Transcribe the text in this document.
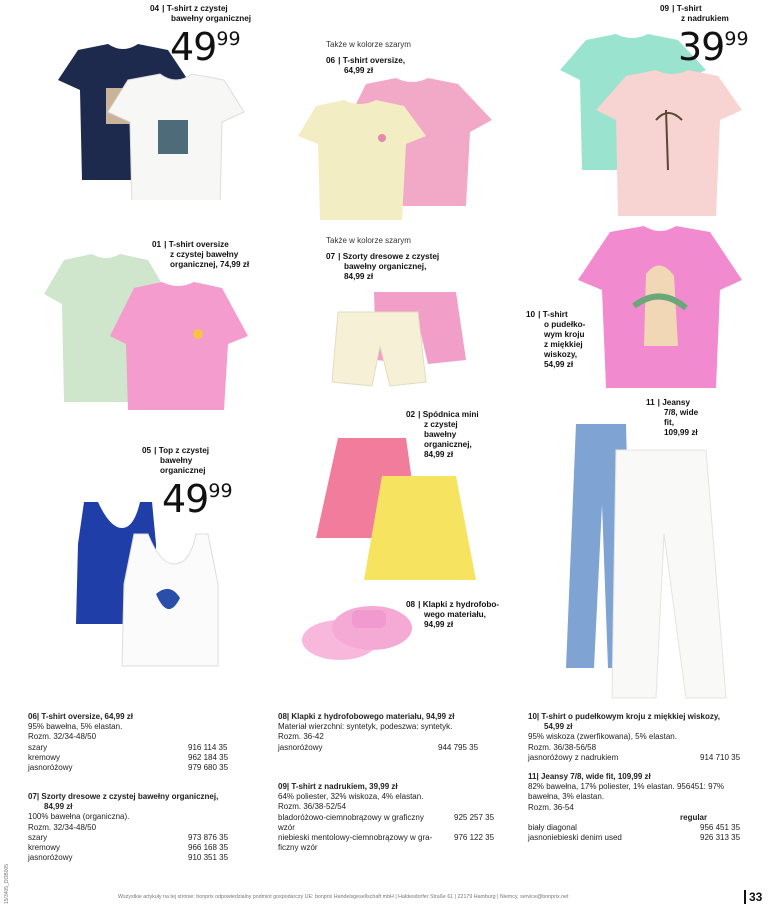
04 | T-shirt z czystej
bawełny organicznej
4999
09 | T-shirt
z nadrukiem
3999
Także w kolorze szarym
06 | T-shirt oversize,
64,99 zł
01 | T-shirt oversize
z czystej bawełny
organicznej, 74,99 zł
Także w kolorze szarym
07 | Szorty dresowe z czystej
bawełny organicznej,
84,99 zł
10 | T-shirt
o pudełko-
wym kroju
z miękkiej
wiskozy,
54,99 zł
11 | Jeansy
7/8, wide
fit,
109,99 zł
02 | Spódnica mini
z czystej
bawełny
organicznej,
84,99 zł
05 | Top z czystej
bawełny
organicznej
4999
08 | Klapki z hydrofobo-
wego materiału,
94,99 zł
06| T-shirt oversize, 64,99 zł
95% bawełna, 5% elastan.
Rozm. 32/34-48/50
szary	916 114 35
kremowy	962 184 35
jasnoróżowy	979 680 35
07| Szorty dresowe z czystej bawełny organicznej,
84,99 zł
100% bawełna (organiczna).
Rozm. 32/34-48/50
szary	973 876 35
kremowy	966 168 35
jasnoróżowy	910 351 35
08| Klapki z hydrofobowego materiału, 94,99 zł
Materiał wierzchni: syntetyk, podeszwa: syntetyk.
Rozm. 36-42
jasnoróżowy	944 795 35
09| T-shirt z nadrukiem, 39,99 zł
64% poliester, 32% wiskoza, 4% elastan.
Rozm. 36/38-52/54
bladoróżowo-ciemnobrązowy w graficzny	925 257 35
wzór
niebieski mentolowy-ciemnobrązowy w gra-	976 122 35
ficzny wzór
10| T-shirt o pudełkowym kroju z miękkiej wiskozy,
54,99 zł
95% wiskoza (zwerfikowana), 5% elastan.
Rozm. 36/38-56/58
jasnoróżowy z nadrukiem	914 710 35
11| Jeansy 7/8, wide fit, 109,99 zł
82% bawełna, 17% poliester, 1% elastan. 956451: 97%
bawełna, 3% elastan.
Rozm. 36-54
regular
biały diagonal	956 451 35
jasnoniebieski denim used	926 313 35
15/3405_DOB005	Wszystkie artykuły na tej stronie: bonprix odpowiedzialny podmiot gospodarczy UE: bonprix Handelsgesellschaft mbH | Haldesdorfer Straße 61 | 22179 Hamburg | Niemcy, service@bonprix.net	33
